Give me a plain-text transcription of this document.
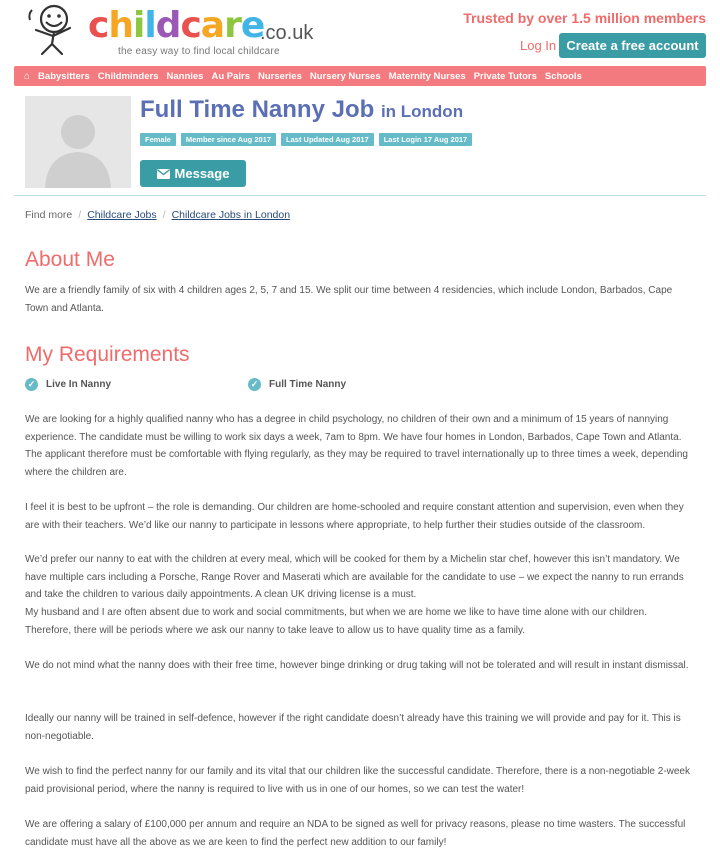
childcare
.co.uk
the easy way to find local childcare
Trusted by over 1.5 million members
Log In Create a free account
⌂ Babysitters Childminders Nannies Au Pairs Nurseries Nursery Nurses Maternity Nurses Private Tutors Schools
Full Time Nanny Job in London
Female	Member since Aug 2017	Last Updated Aug 2017	Last Login 17 Aug 2017
Message
Find more / Childcare Jobs / Childcare Jobs in London
About Me

We are a friendly family of six with 4 children ages 2, 5, 7 and 15. We split our time between 4 residencies, which include London, Barbados, Cape Town and Atlanta.

My Requirements
✓ Live In Nanny	✓ Full Time Nanny

We are looking for a highly qualified nanny who has a degree in child psychology, no children of their own and a minimum of 15 years of nannying experience. The candidate must be willing to work six days a week, 7am to 8pm. We have four homes in London, Barbados, Cape Town and Atlanta. The applicant therefore must be comfortable with flying regularly, as they may be required to travel internationally up to three times a week, depending where the children are.

I feel it is best to be upfront – the role is demanding. Our children are home-schooled and require constant attention and supervision, even when they are with their teachers. We’d like our nanny to participate in lessons where appropriate, to help further their studies outside of the classroom.

We’d prefer our nanny to eat with the children at every meal, which will be cooked for them by a Michelin star chef, however this isn’t mandatory. We have multiple cars including a Porsche, Range Rover and Maserati which are available for the candidate to use – we expect the nanny to run errands and take the children to various daily appointments. A clean UK driving license is a must.

My husband and I are often absent due to work and social commitments, but when we are home we like to have time alone with our children. Therefore, there will be periods where we ask our nanny to take leave to allow us to have quality time as a family.

We do not mind what the nanny does with their free time, however binge drinking or drug taking will not be tolerated and will result in instant dismissal.

Ideally our nanny will be trained in self-defence, however if the right candidate doesn’t already have this training we will provide and pay for it. This is non-negotiable.

We wish to find the perfect nanny for our family and its vital that our children like the successful candidate. Therefore, there is a non-negotiable 2-week paid provisional period, where the nanny is required to live with us in one of our homes, so we can test the water!

We are offering a salary of £100,000 per annum and require an NDA to be signed as well for privacy reasons, please no time wasters. The successful candidate must have all the above as we are keen to find the perfect new addition to our family!
